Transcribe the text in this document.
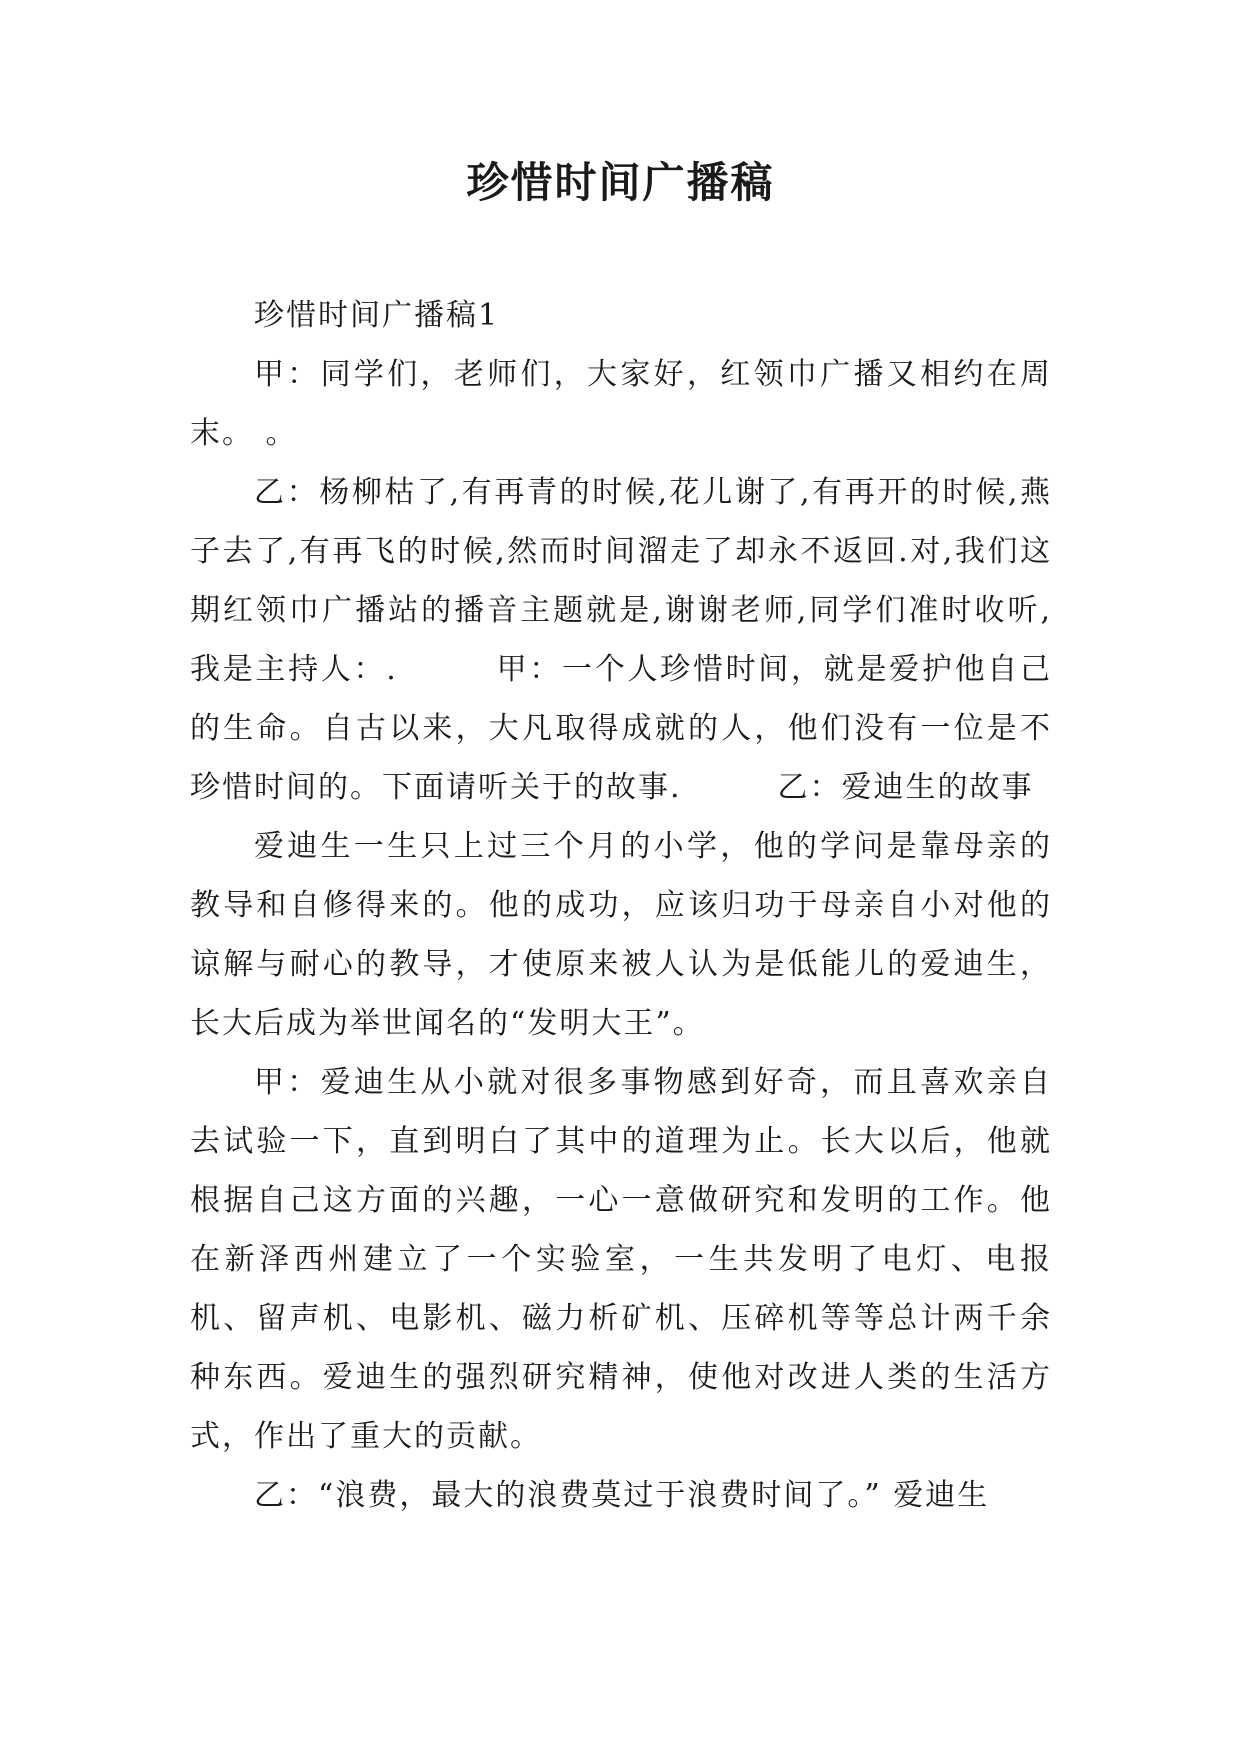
珍惜时间广播稿

珍惜时间广播稿1

甲：同学们，老师们，大家好，红领巾广播又相约在周末。 。

乙：杨柳枯了,有再青的时候,花儿谢了,有再开的时候,燕子去了,有再飞的时候,然而时间溜走了却永不返回.对,我们这期红领巾广播站的播音主题就是,谢谢老师,同学们准时收听,我是主持人：.　　　甲：一个人珍惜时间，就是爱护他自己的生命。自古以来，大凡取得成就的人，他们没有一位是不珍惜时间的。下面请听关于的故事.　　　乙：爱迪生的故事

爱迪生一生只上过三个月的小学，他的学问是靠母亲的教导和自修得来的。他的成功，应该归功于母亲自小对他的谅解与耐心的教导，才使原来被人认为是低能儿的爱迪生，长大后成为举世闻名的“发明大王”。

甲：爱迪生从小就对很多事物感到好奇，而且喜欢亲自去试验一下，直到明白了其中的道理为止。长大以后，他就根据自己这方面的兴趣，一心一意做研究和发明的工作。他在新泽西州建立了一个实验室，一生共发明了电灯、电报机、留声机、电影机、磁力析矿机、压碎机等等总计两千余种东西。爱迪生的强烈研究精神，使他对改进人类的生活方式，作出了重大的贡献。

乙：“浪费，最大的浪费莫过于浪费时间了。” 爱迪生
